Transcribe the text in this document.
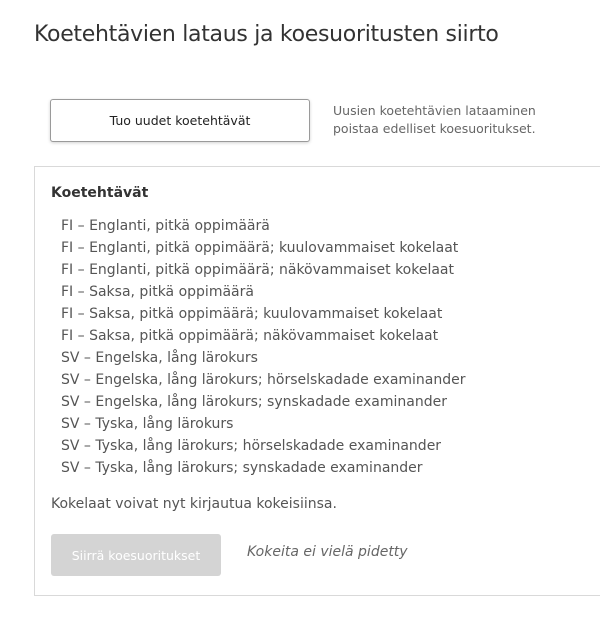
Koetehtävien lataus ja koesuoritusten siirto
Tuo uudet koetehtävät
Uusien koetehtävien lataaminen poistaa edelliset koesuoritukset.
Koetehtävät
FI – Englanti, pitkä oppimäärä
FI – Englanti, pitkä oppimäärä; kuulovammaiset kokelaat
FI – Englanti, pitkä oppimäärä; näkövammaiset kokelaat
FI – Saksa, pitkä oppimäärä
FI – Saksa, pitkä oppimäärä; kuulovammaiset kokelaat
FI – Saksa, pitkä oppimäärä; näkövammaiset kokelaat
SV – Engelska, lång lärokurs
SV – Engelska, lång lärokurs; hörselskadade examinander
SV – Engelska, lång lärokurs; synskadade examinander
SV – Tyska, lång lärokurs
SV – Tyska, lång lärokurs; hörselskadade examinander
SV – Tyska, lång lärokurs; synskadade examinander
Kokelaat voivat nyt kirjautua kokeisiinsa.
Siirrä koesuoritukset	Kokeita ei vielä pidetty
